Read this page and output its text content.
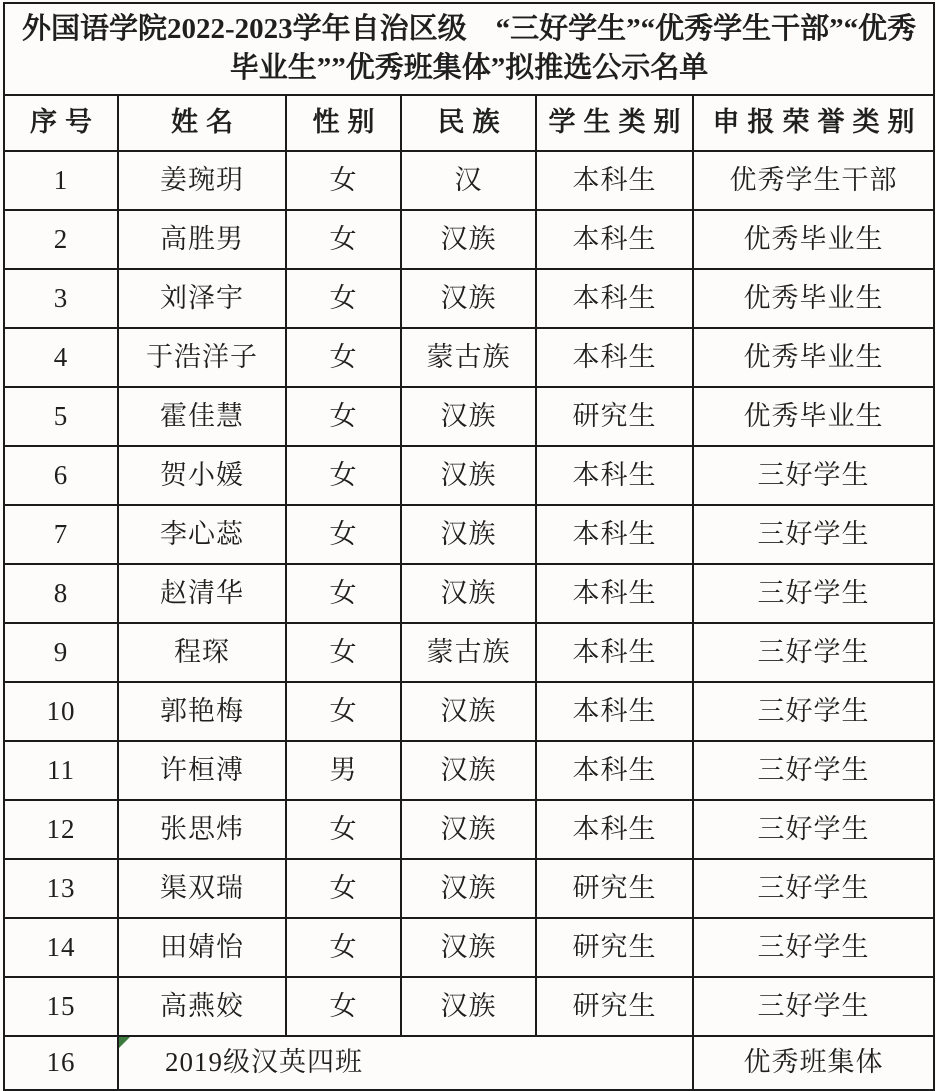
外国语学院2022-2023学年自治区级　“三好学生”“优秀学生干部”“优秀毕业生””优秀班集体”拟推选公示名单					
序号	姓名	性别	民族	学生类别	申报荣誉类别
1	姜琬玥	女	汉	本科生	优秀学生干部
2	高胜男	女	汉族	本科生	优秀毕业生
3	刘泽宇	女	汉族	本科生	优秀毕业生
4	于浩洋子	女	蒙古族	本科生	优秀毕业生
5	霍佳慧	女	汉族	研究生	优秀毕业生
6	贺小媛	女	汉族	本科生	三好学生
7	李心蕊	女	汉族	本科生	三好学生
8	赵清华	女	汉族	本科生	三好学生
9	程琛	女	蒙古族	本科生	三好学生
10	郭艳梅	女	汉族	本科生	三好学生
11	许桓溥	男	汉族	本科生	三好学生
12	张思炜	女	汉族	本科生	三好学生
13	渠双瑞	女	汉族	研究生	三好学生
14	田婧怡	女	汉族	研究生	三好学生
15	高燕姣	女	汉族	研究生	三好学生
16	2019级汉英四班				优秀班集体
